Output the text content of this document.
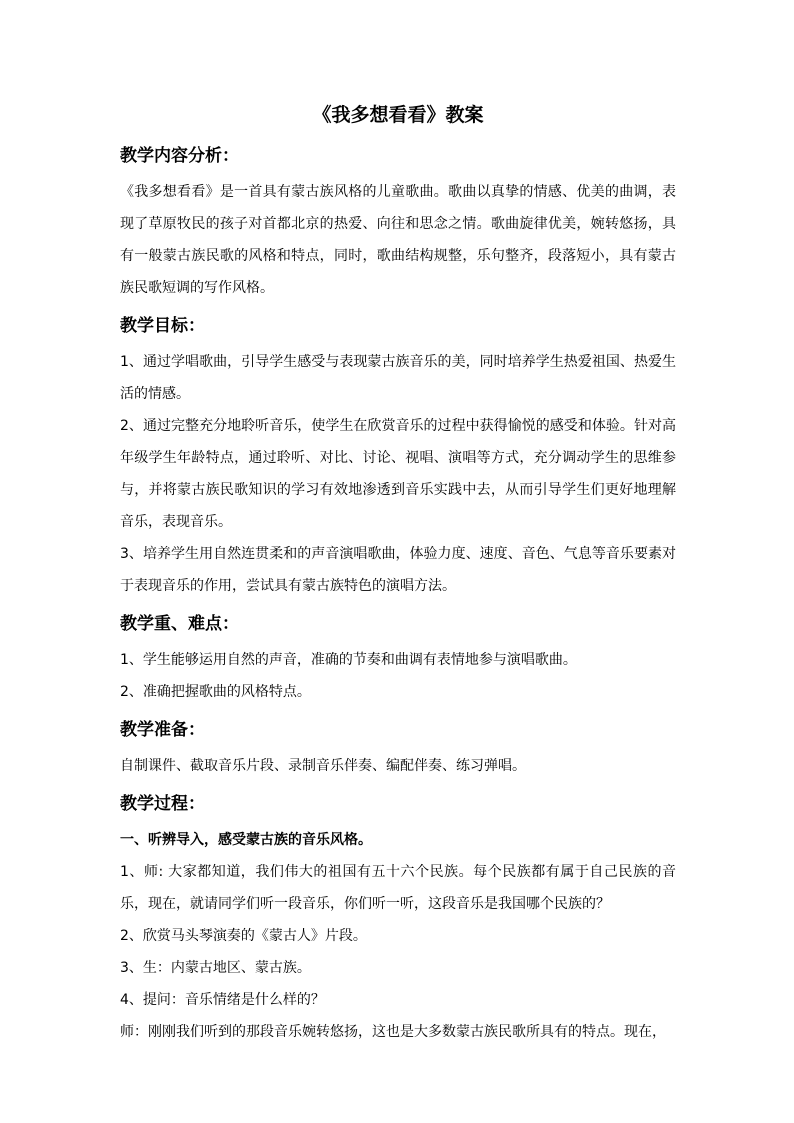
《我多想看看》教案
教学内容分析：

《我多想看看》是一首具有蒙古族风格的儿童歌曲。歌曲以真挚的情感、优美的曲调，表现了草原牧民的孩子对首都北京的热爱、向往和思念之情。歌曲旋律优美，婉转悠扬，具有一般蒙古族民歌的风格和特点，同时，歌曲结构规整，乐句整齐，段落短小，具有蒙古族民歌短调的写作风格。

教学目标：

1、通过学唱歌曲，引导学生感受与表现蒙古族音乐的美，同时培养学生热爱祖国、热爱生活的情感。

2、通过完整充分地聆听音乐，使学生在欣赏音乐的过程中获得愉悦的感受和体验。针对高年级学生年龄特点，通过聆听、对比、讨论、视唱、演唱等方式，充分调动学生的思维参与，并将蒙古族民歌知识的学习有效地渗透到音乐实践中去，从而引导学生们更好地理解音乐，表现音乐。

3、培养学生用自然连贯柔和的声音演唱歌曲，体验力度、速度、音色、气息等音乐要素对于表现音乐的作用，尝试具有蒙古族特色的演唱方法。

教学重、难点：

1、学生能够运用自然的声音，准确的节奏和曲调有表情地参与演唱歌曲。

2、准确把握歌曲的风格特点。

教学准备：

自制课件、截取音乐片段、录制音乐伴奏、编配伴奏、练习弹唱。

教学过程：

一、听辨导入，感受蒙古族的音乐风格。

1、师: 大家都知道，我们伟大的祖国有五十六个民族。每个民族都有属于自己民族的音乐，现在，就请同学们听一段音乐，你们听一听，这段音乐是我国哪个民族的？

2、欣赏马头琴演奏的《蒙古人》片段。

3、生：内蒙古地区、蒙古族。

4、提问：音乐情绪是什么样的？

师：刚刚我们听到的那段音乐婉转悠扬，这也是大多数蒙古族民歌所具有的特点。现在，
